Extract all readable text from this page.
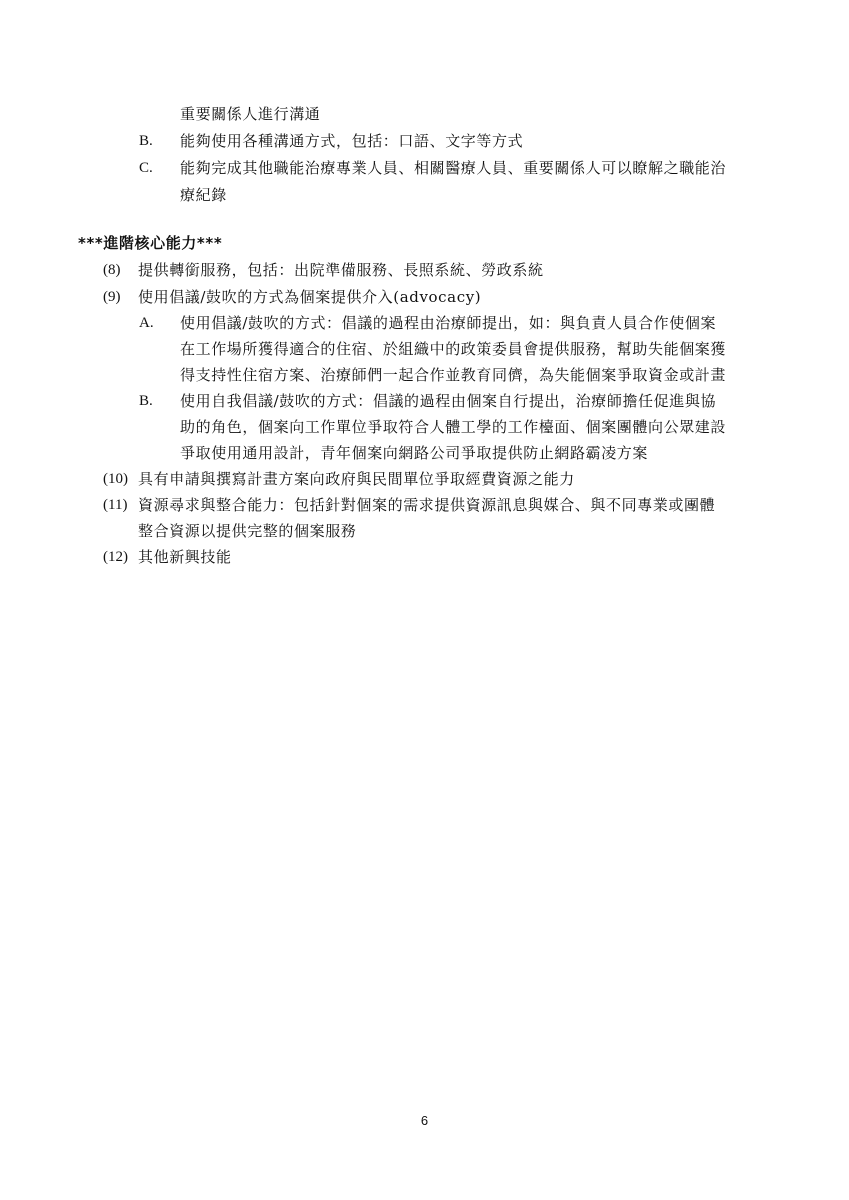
重要關係人進行溝通
B. 能夠使用各種溝通方式，包括：口語、文字等方式
C. 能夠完成其他職能治療專業人員、相關醫療人員、重要關係人可以瞭解之職能治
療紀錄
***進階核心能力***
(8) 提供轉銜服務，包括：出院準備服務、長照系統、勞政系統
(9) 使用倡議/鼓吹的方式為個案提供介入(advocacy)
A. 使用倡議/鼓吹的方式：倡議的過程由治療師提出，如：與負責人員合作使個案
在工作場所獲得適合的住宿、於組織中的政策委員會提供服務，幫助失能個案獲
得支持性住宿方案、治療師們一起合作並教育同儕，為失能個案爭取資金或計畫
B. 使用自我倡議/鼓吹的方式：倡議的過程由個案自行提出，治療師擔任促進與協
助的角色，個案向工作單位爭取符合人體工學的工作檯面、個案團體向公眾建設
爭取使用通用設計，青年個案向網路公司爭取提供防止網路霸凌方案
(10) 具有申請與撰寫計畫方案向政府與民間單位爭取經費資源之能力
(11) 資源尋求與整合能力：包括針對個案的需求提供資源訊息與媒合、與不同專業或團體
整合資源以提供完整的個案服務
(12) 其他新興技能
6
